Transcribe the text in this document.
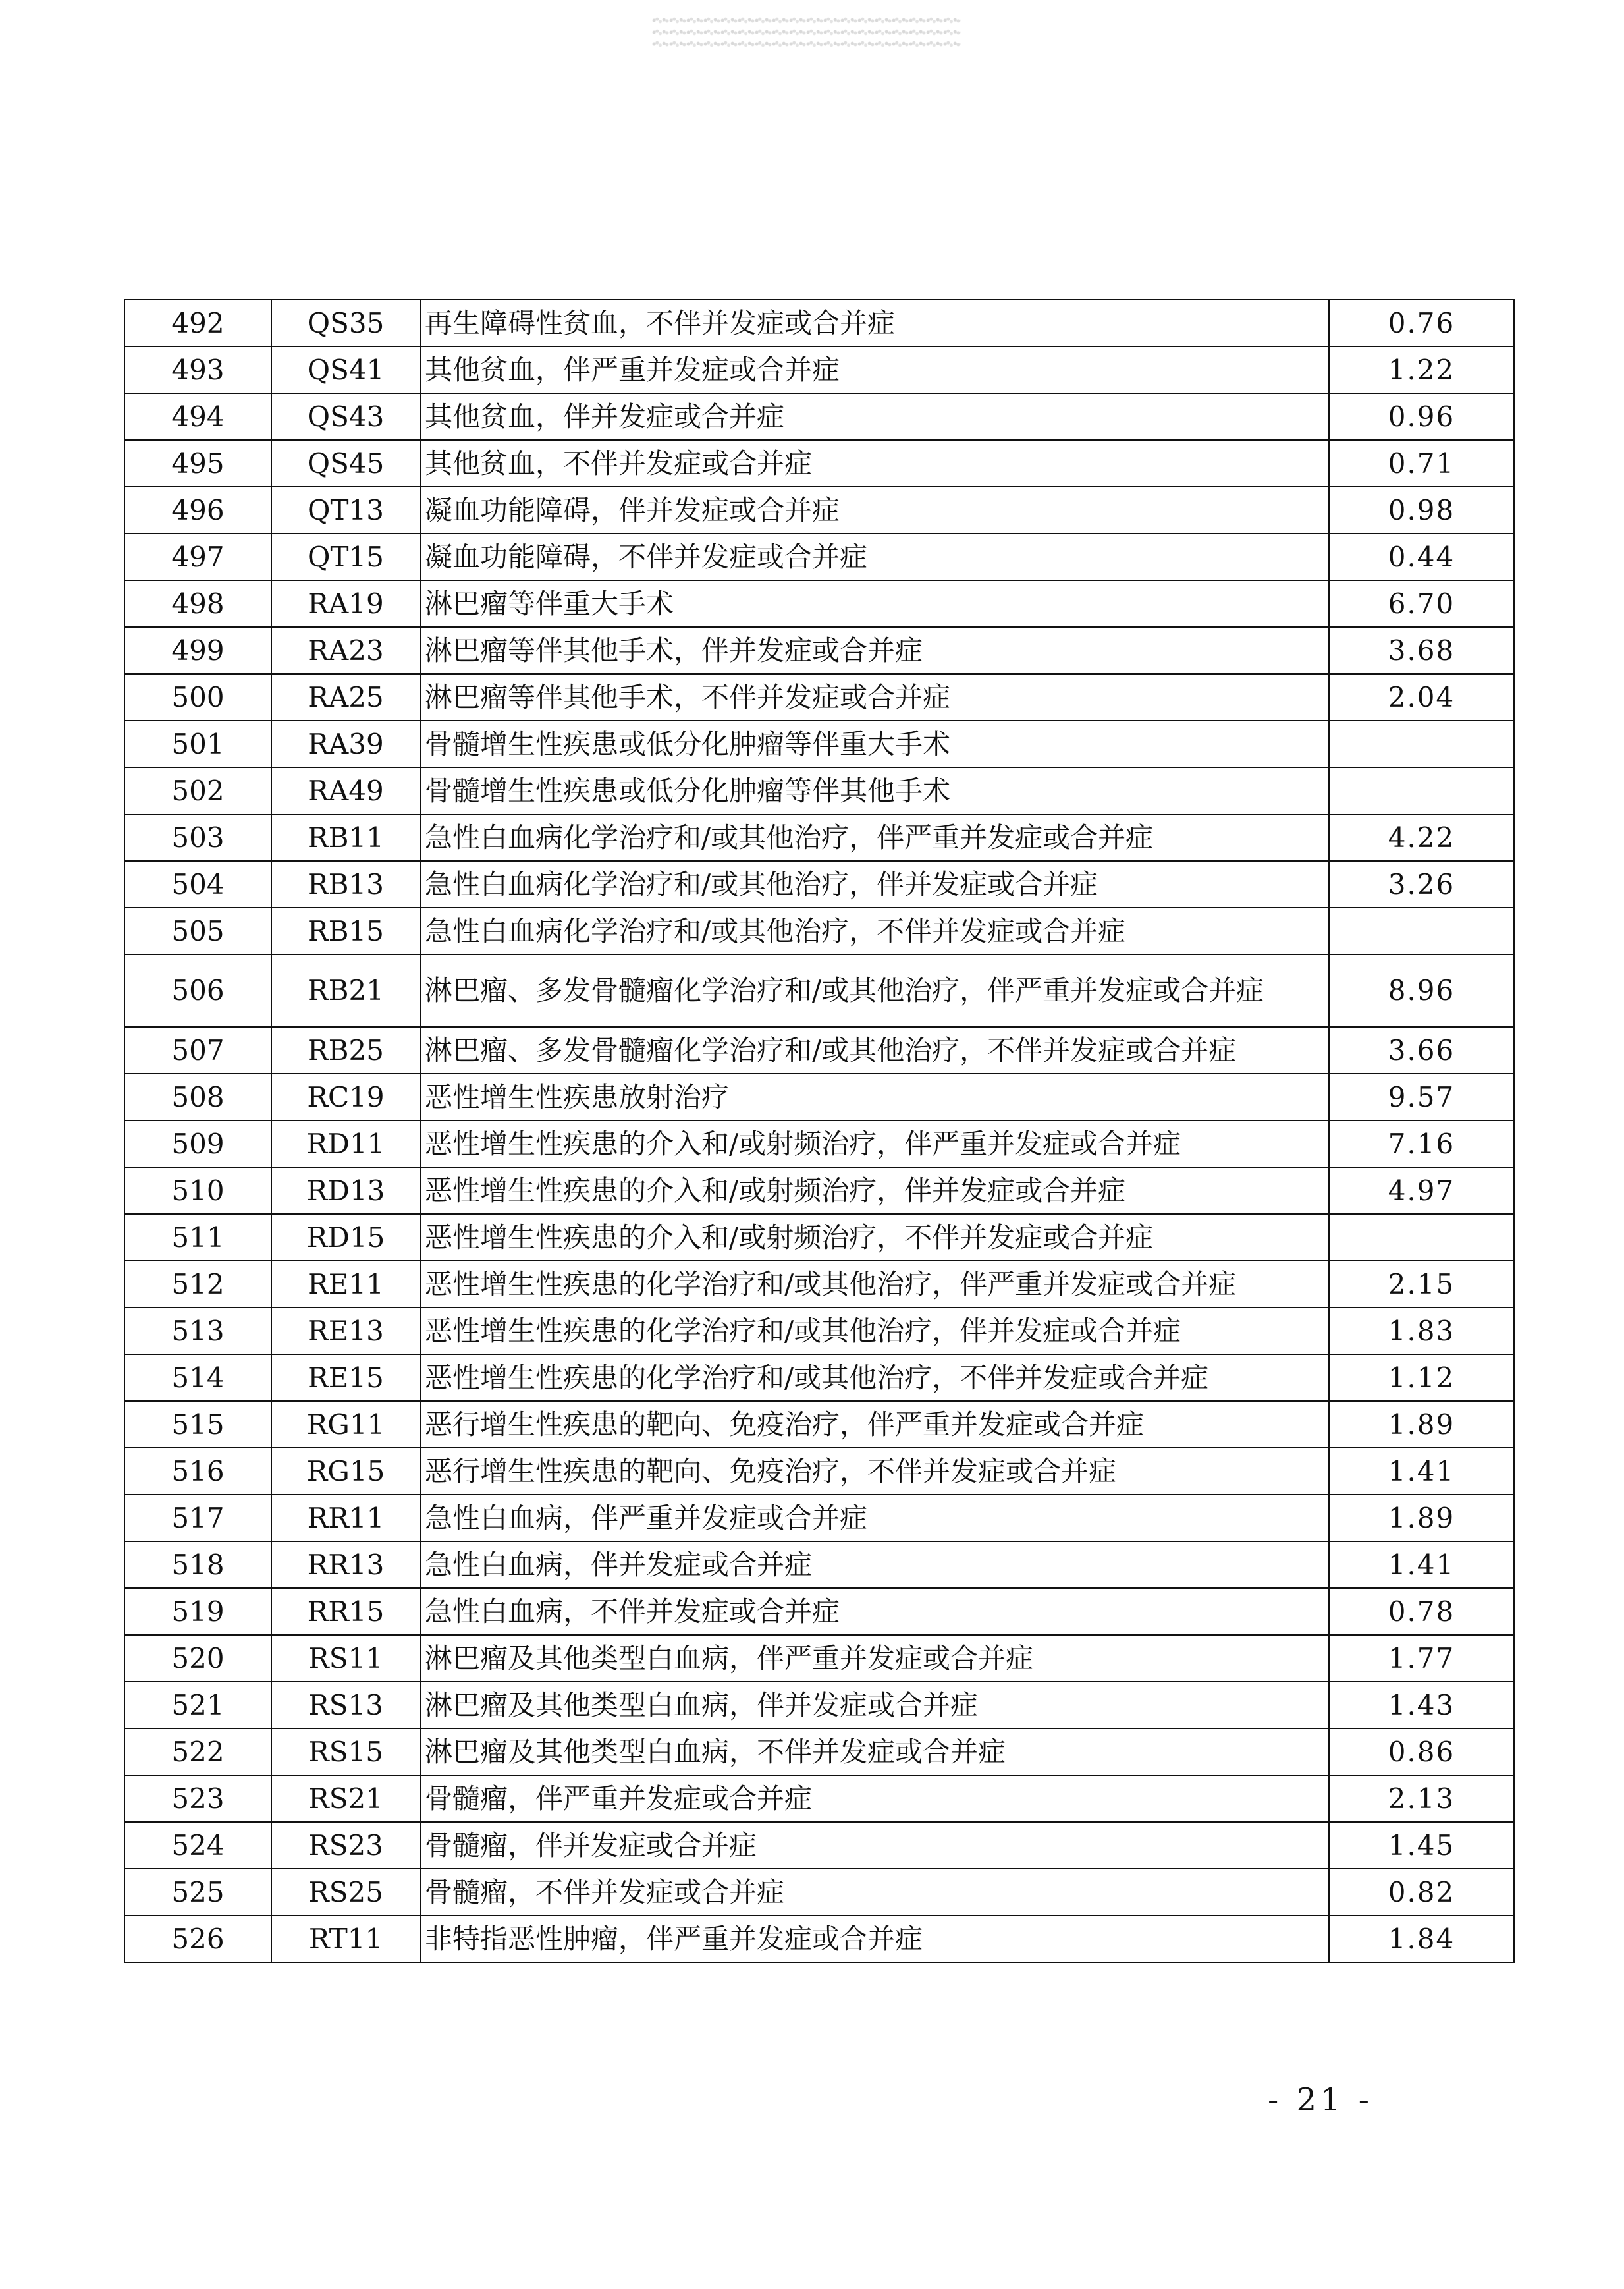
492	QS35	再生障碍性贫血，不伴并发症或合并症	0.76
493	QS41	其他贫血，伴严重并发症或合并症	1.22
494	QS43	其他贫血，伴并发症或合并症	0.96
495	QS45	其他贫血，不伴并发症或合并症	0.71
496	QT13	凝血功能障碍，伴并发症或合并症	0.98
497	QT15	凝血功能障碍，不伴并发症或合并症	0.44
498	RA19	淋巴瘤等伴重大手术	6.70
499	RA23	淋巴瘤等伴其他手术，伴并发症或合并症	3.68
500	RA25	淋巴瘤等伴其他手术，不伴并发症或合并症	2.04
501	RA39	骨髓增生性疾患或低分化肿瘤等伴重大手术	
502	RA49	骨髓增生性疾患或低分化肿瘤等伴其他手术	
503	RB11	急性白血病化学治疗和/或其他治疗，伴严重并发症或合并症	4.22
504	RB13	急性白血病化学治疗和/或其他治疗，伴并发症或合并症	3.26
505	RB15	急性白血病化学治疗和/或其他治疗，不伴并发症或合并症	
506	RB21	淋巴瘤、多发骨髓瘤化学治疗和/或其他治疗，伴严重并发症或合并症	8.96
507	RB25	淋巴瘤、多发骨髓瘤化学治疗和/或其他治疗，不伴并发症或合并症	3.66
508	RC19	恶性增生性疾患放射治疗	9.57
509	RD11	恶性增生性疾患的介入和/或射频治疗，伴严重并发症或合并症	7.16
510	RD13	恶性增生性疾患的介入和/或射频治疗，伴并发症或合并症	4.97
511	RD15	恶性增生性疾患的介入和/或射频治疗，不伴并发症或合并症	
512	RE11	恶性增生性疾患的化学治疗和/或其他治疗，伴严重并发症或合并症	2.15
513	RE13	恶性增生性疾患的化学治疗和/或其他治疗，伴并发症或合并症	1.83
514	RE15	恶性增生性疾患的化学治疗和/或其他治疗，不伴并发症或合并症	1.12
515	RG11	恶行增生性疾患的靶向、免疫治疗，伴严重并发症或合并症	1.89
516	RG15	恶行增生性疾患的靶向、免疫治疗，不伴并发症或合并症	1.41
517	RR11	急性白血病，伴严重并发症或合并症	1.89
518	RR13	急性白血病，伴并发症或合并症	1.41
519	RR15	急性白血病，不伴并发症或合并症	0.78
520	RS11	淋巴瘤及其他类型白血病，伴严重并发症或合并症	1.77
521	RS13	淋巴瘤及其他类型白血病，伴并发症或合并症	1.43
522	RS15	淋巴瘤及其他类型白血病，不伴并发症或合并症	0.86
523	RS21	骨髓瘤，伴严重并发症或合并症	2.13
524	RS23	骨髓瘤，伴并发症或合并症	1.45
525	RS25	骨髓瘤，不伴并发症或合并症	0.82
526	RT11	非特指恶性肿瘤，伴严重并发症或合并症	1.84
- 21 -
